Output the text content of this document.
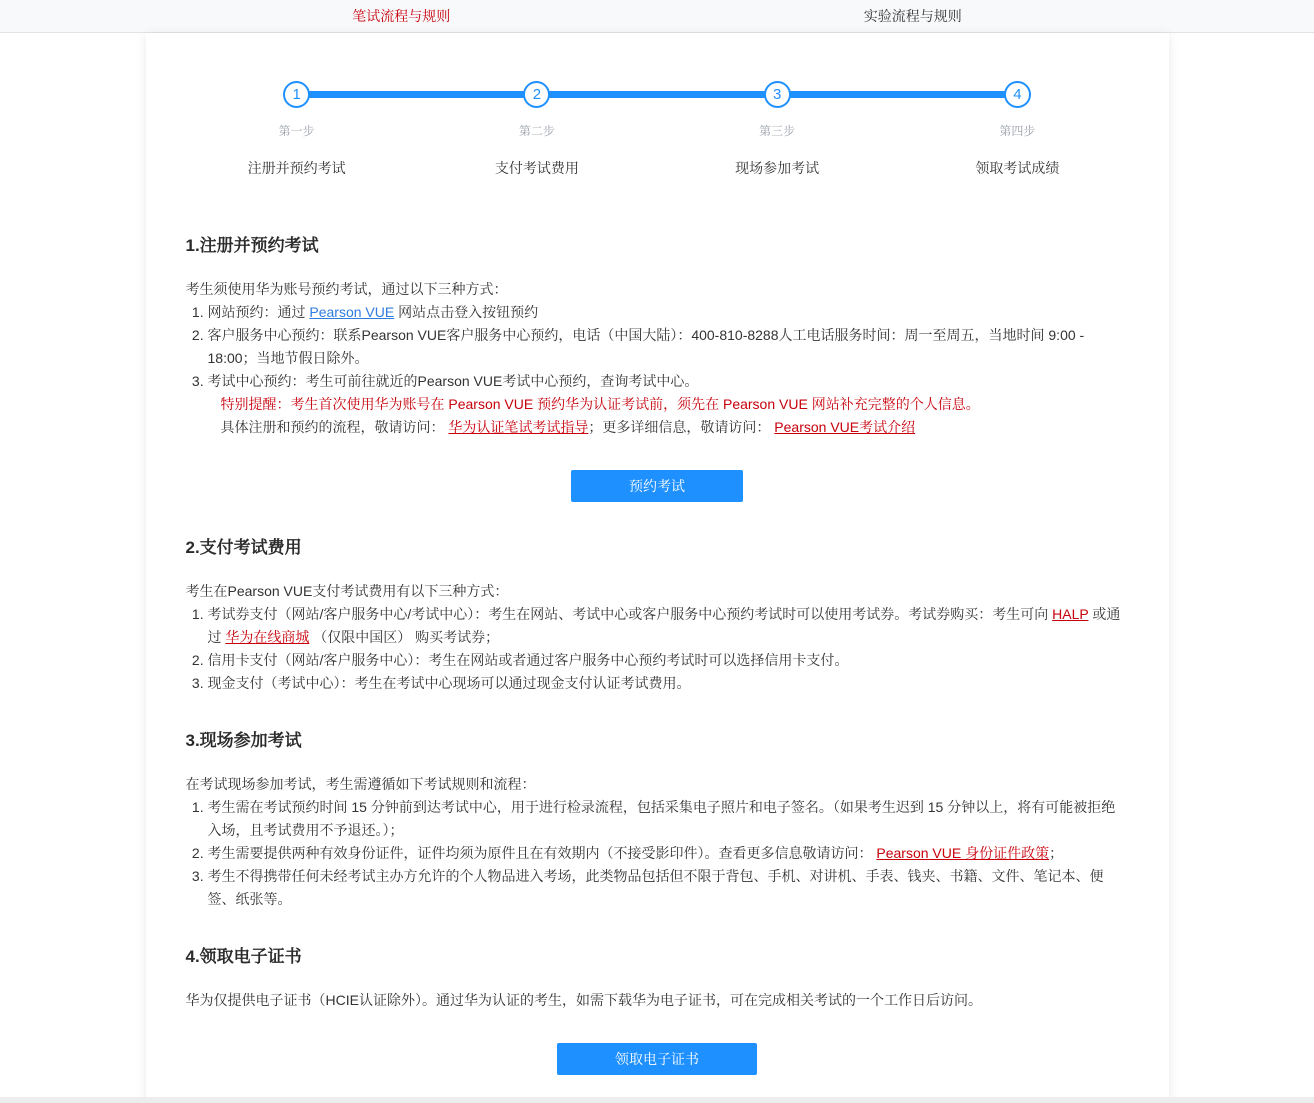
笔试流程与规则	实验流程与规则
1
第一步
注册并预约考试
2
第二步
支付考试费用
3
第三步
现场参加考试
4
第四步
领取考试成绩
1.注册并预约考试
考生须使用华为账号预约考试，通过以下三种方式：
1. 网站预约：通过 Pearson VUE 网站点击登入按钮预约
2. 客户服务中心预约：联系Pearson VUE客户服务中心预约，电话（中国大陆）：400-810-8288人工电话服务时间：周一至周五，当地时间 9:00 - 18:00；当地节假日除外。
3. 考试中心预约：考生可前往就近的Pearson VUE考试中心预约，查询考试中心。
特别提醒：考生首次使用华为账号在 Pearson VUE 预约华为认证考试前，须先在 Pearson VUE 网站补充完整的个人信息。
具体注册和预约的流程，敬请访问： 华为认证笔试考试指导；更多详细信息，敬请访问： Pearson VUE考试介绍
预约考试
2.支付考试费用
考生在Pearson VUE支付考试费用有以下三种方式：
1. 考试券支付（网站/客户服务中心/考试中心）：考生在网站、考试中心或客户服务中心预约考试时可以使用考试券。考试券购买：考生可向 HALP 或通过 华为在线商城 （仅限中国区） 购买考试券；
2. 信用卡支付（网站/客户服务中心）：考生在网站或者通过客户服务中心预约考试时可以选择信用卡支付。
3. 现金支付（考试中心）：考生在考试中心现场可以通过现金支付认证考试费用。
3.现场参加考试
在考试现场参加考试，考生需遵循如下考试规则和流程：
1. 考生需在考试预约时间 15 分钟前到达考试中心，用于进行检录流程，包括采集电子照片和电子签名。（如果考生迟到 15 分钟以上，将有可能被拒绝入场，且考试费用不予退还。）；
2. 考生需要提供两种有效身份证件，证件均须为原件且在有效期内（不接受影印件）。查看更多信息敬请访问： Pearson VUE 身份证件政策；
3. 考生不得携带任何未经考试主办方允许的个人物品进入考场，此类物品包括但不限于背包、手机、对讲机、手表、钱夹、书籍、文件、笔记本、便签、纸张等。
4.领取电子证书
华为仅提供电子证书（HCIE认证除外）。通过华为认证的考生，如需下载华为电子证书，可在完成相关考试的一个工作日后访问。
领取电子证书
